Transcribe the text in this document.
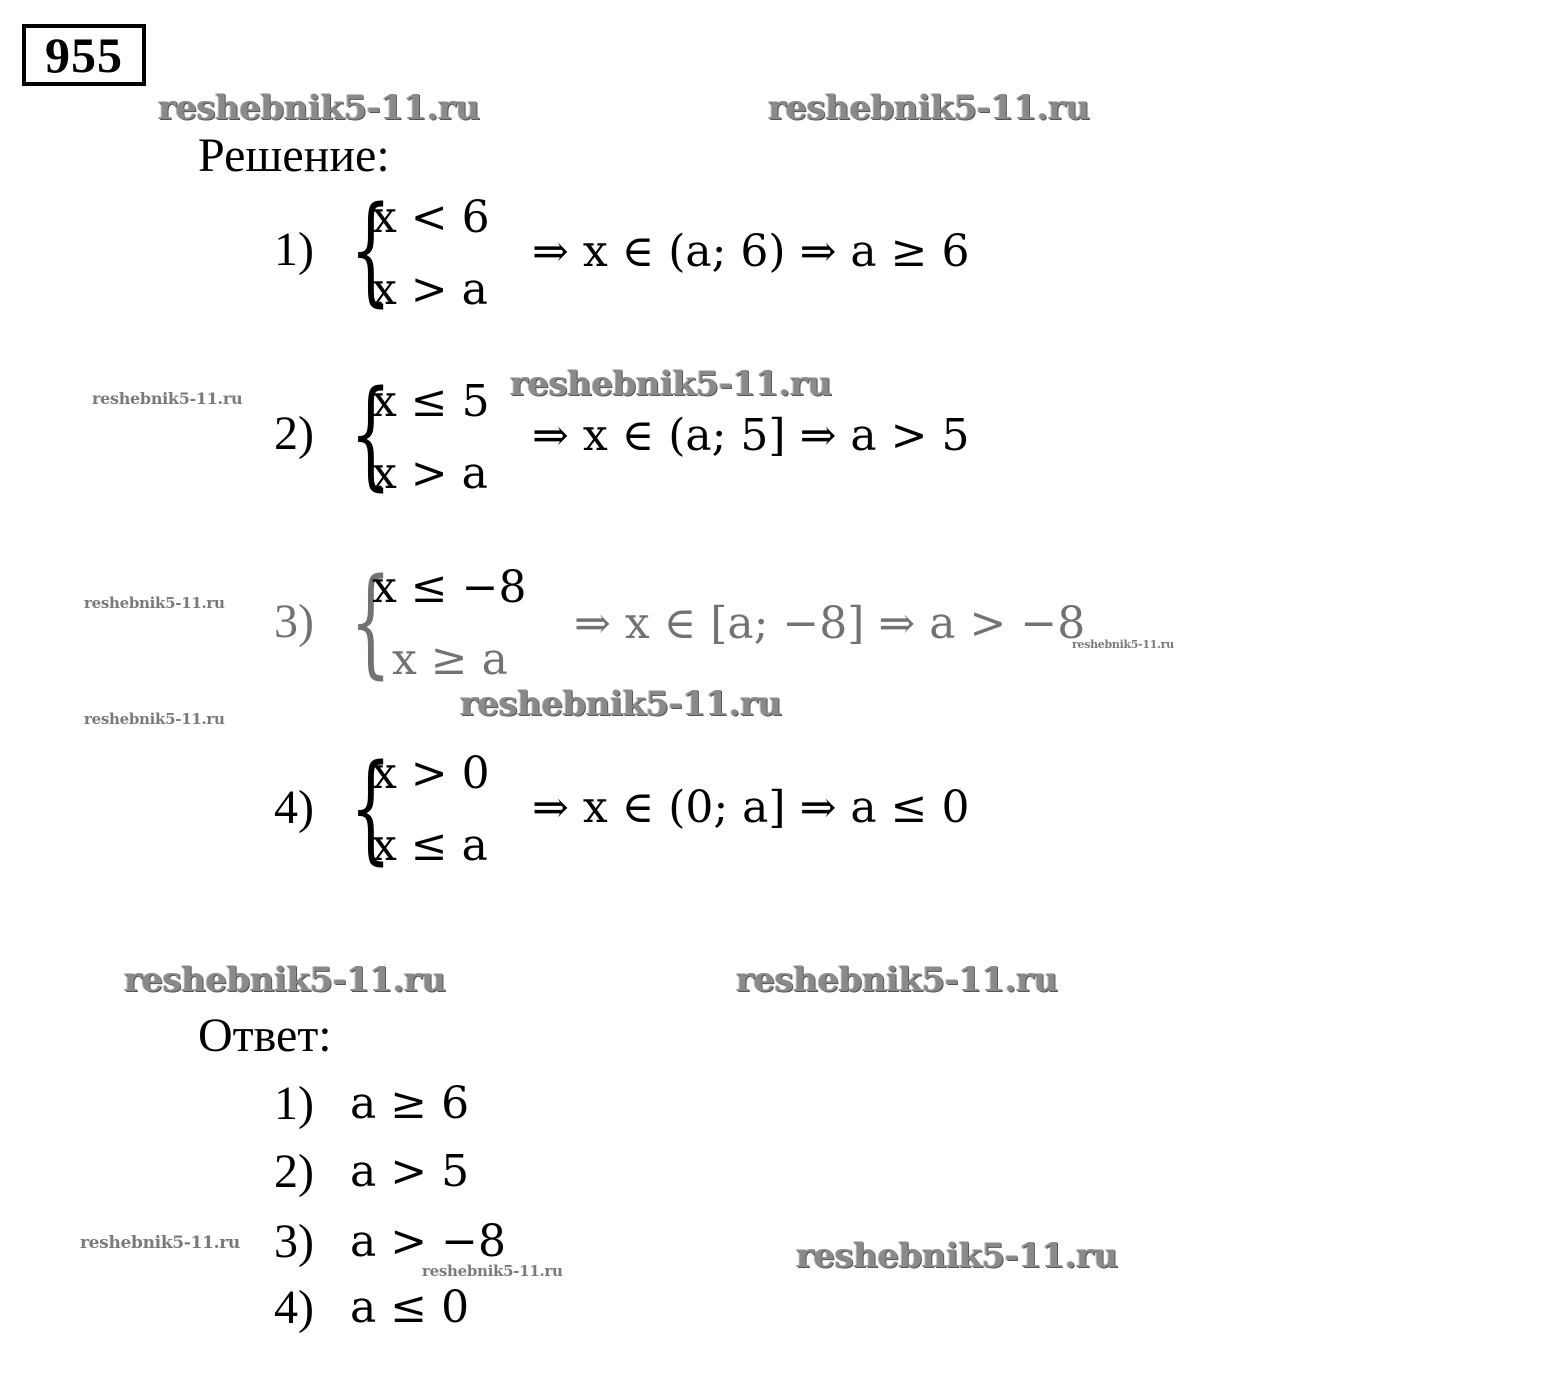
955
reshebnik5-11.ru	reshebnik5-11.ru
reshebnik5-11.ru
reshebnik5-11.ru
reshebnik5-11.ru	reshebnik5-11.ru
reshebnik5-11.ru
reshebnik5-11.ru
reshebnik5-11.ru
reshebnik5-11.ru
reshebnik5-11.ru
reshebnik5-11.ru
reshebnik5-11.ru
Решение:
1) {
x < 6
x > a
⇒ x ∈ (a; 6) ⇒ a ≥ 6
2) {
x ≤ 5
x > a
⇒ x ∈ (a; 5] ⇒ a > 5
3) {
x ≤ −8
x ≥ a
⇒ x ∈ [a; −8] ⇒ a > −8
4) {
x > 0
x ≤ a
⇒ x ∈ (0; a] ⇒ a ≤ 0
Ответ:
1) a ≥ 6
2) a > 5
3) a > −8
4) a ≤ 0
